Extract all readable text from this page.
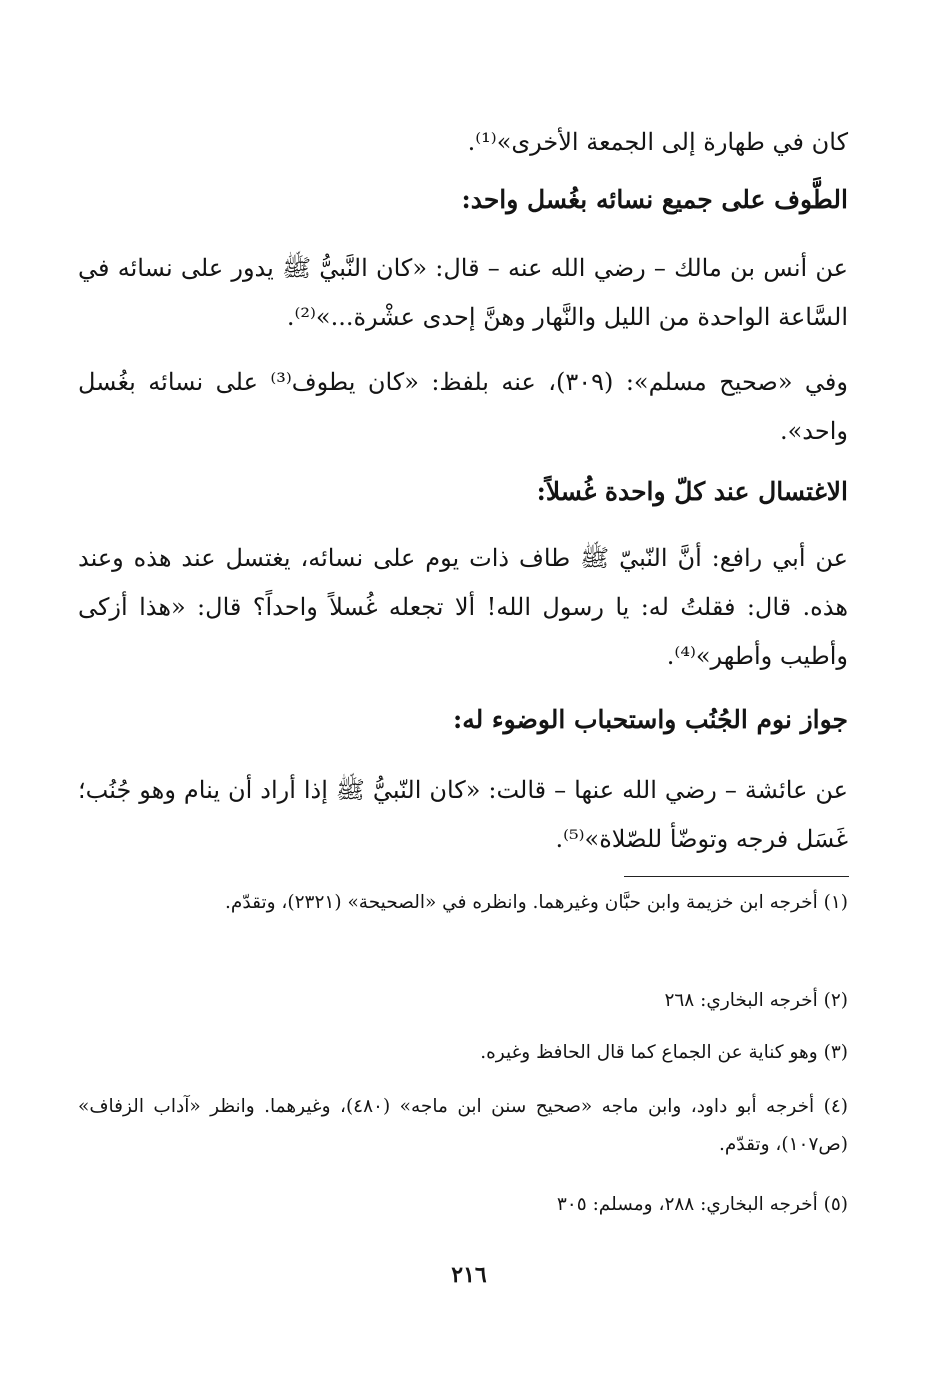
كان في طهارة إلى الجمعة الأخرى»⁽¹⁾.

الطَّوف على جميع نسائه بغُسل واحد:

عن أنس بن مالك – رضي الله عنه – قال: «كان النَّبيُّ ﷺ يدور على نسائه في السَّاعة الواحدة من الليل والنَّهار وهنَّ إحدى عشْرة...»⁽²⁾.

وفي «صحيح مسلم»: (٣٠٩)، عنه بلفظ: «كان يطوف⁽³⁾ على نسائه بغُسل واحد».

الاغتسال عند كلّ واحدة غُسلاً:

عن أبي رافع: أنَّ النّبيّ ﷺ طاف ذات يوم على نسائه، يغتسل عند هذه وعند هذه. قال: فقلتُ له: يا رسول الله! ألا تجعله غُسلاً واحداً؟ قال: «هذا أزكى وأطيب وأطهر»⁽⁴⁾.

جواز نوم الجُنُب واستحباب الوضوء له:

عن عائشة – رضي الله عنها – قالت: «كان النّبيُّ ﷺ إذا أراد أن ينام وهو جُنُب؛ غَسَل فرجه وتوضّأ للصّلاة»⁽⁵⁾.

(١) أخرجه ابن خزيمة وابن حبَّان وغيرهما. وانظره في «الصحيحة» (٢٣٢١)، وتقدّم.

(٢) أخرجه البخاري: ٢٦٨

(٣) وهو كناية عن الجماع كما قال الحافظ وغيره.

(٤) أخرجه أبو داود، وابن ماجه «صحيح سنن ابن ماجه» (٤٨٠)، وغيرهما. وانظر «آداب الزفاف» (ص١٠٧)، وتقدّم.

(٥) أخرجه البخاري: ٢٨٨، ومسلم: ٣٠٥

٢١٦
